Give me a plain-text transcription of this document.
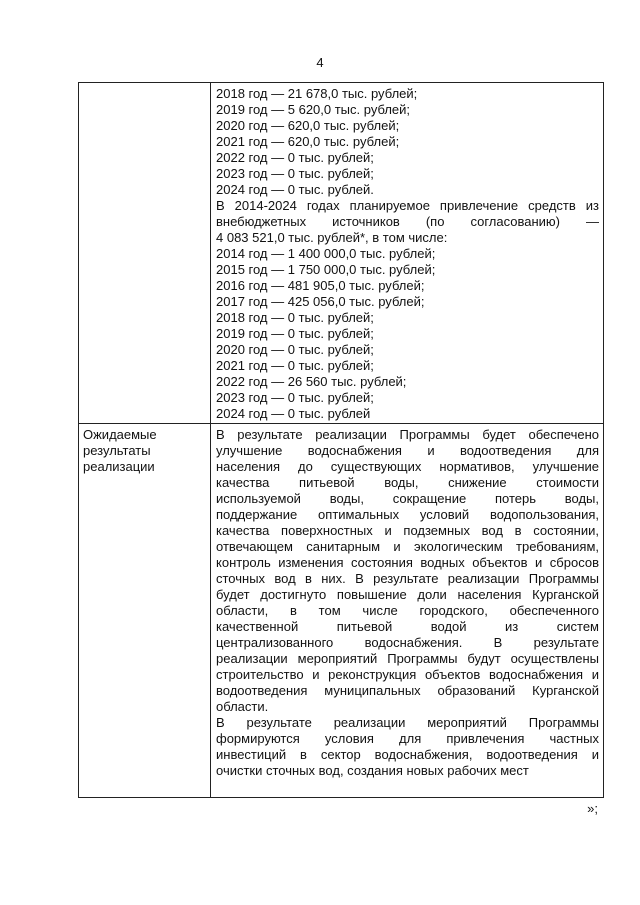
4
2018 год — 21 678,0 тыс. рублей;
2019 год — 5 620,0 тыс. рублей;
2020 год — 620,0 тыс. рублей;
2021 год — 620,0 тыс. рублей;
2022 год — 0 тыс. рублей;
2023 год — 0 тыс. рублей;
2024 год — 0 тыс. рублей.
В 2014-2024 годах планируемое привлечение средств из
внебюджетных источников (по согласованию) —
4 083 521,0 тыс. рублей*, в том числе:
2014 год — 1 400 000,0 тыс. рублей;
2015 год — 1 750 000,0 тыс. рублей;
2016 год — 481 905,0 тыс. рублей;
2017 год — 425 056,0 тыс. рублей;
2018 год — 0 тыс. рублей;
2019 год — 0 тыс. рублей;
2020 год — 0 тыс. рублей;
2021 год — 0 тыс. рублей;
2022 год — 26 560 тыс. рублей;
2023 год — 0 тыс. рублей;
2024 год — 0 тыс. рублей
Ожидаемые
результаты
реализации
В результате реализации Программы будет обеспечено
улучшение водоснабжения и водоотведения для
населения до существующих нормативов, улучшение
качества питьевой воды, снижение стоимости
используемой воды, сокращение потерь воды,
поддержание оптимальных условий водопользования,
качества поверхностных и подземных вод в состоянии,
отвечающем санитарным и экологическим требованиям,
контроль изменения состояния водных объектов и сбросов
сточных вод в них. В результате реализации Программы
будет достигнуто повышение доли населения Курганской
области, в том числе городского, обеспеченного
качественной питьевой водой из систем
централизованного водоснабжения. В результате
реализации мероприятий Программы будут осуществлены
строительство и реконструкция объектов водоснабжения и
водоотведения муниципальных образований Курганской
области.
В результате реализации мероприятий Программы
формируются условия для привлечения частных
инвестиций в сектор водоснабжения, водоотведения и
очистки сточных вод, создания новых рабочих мест
»;
